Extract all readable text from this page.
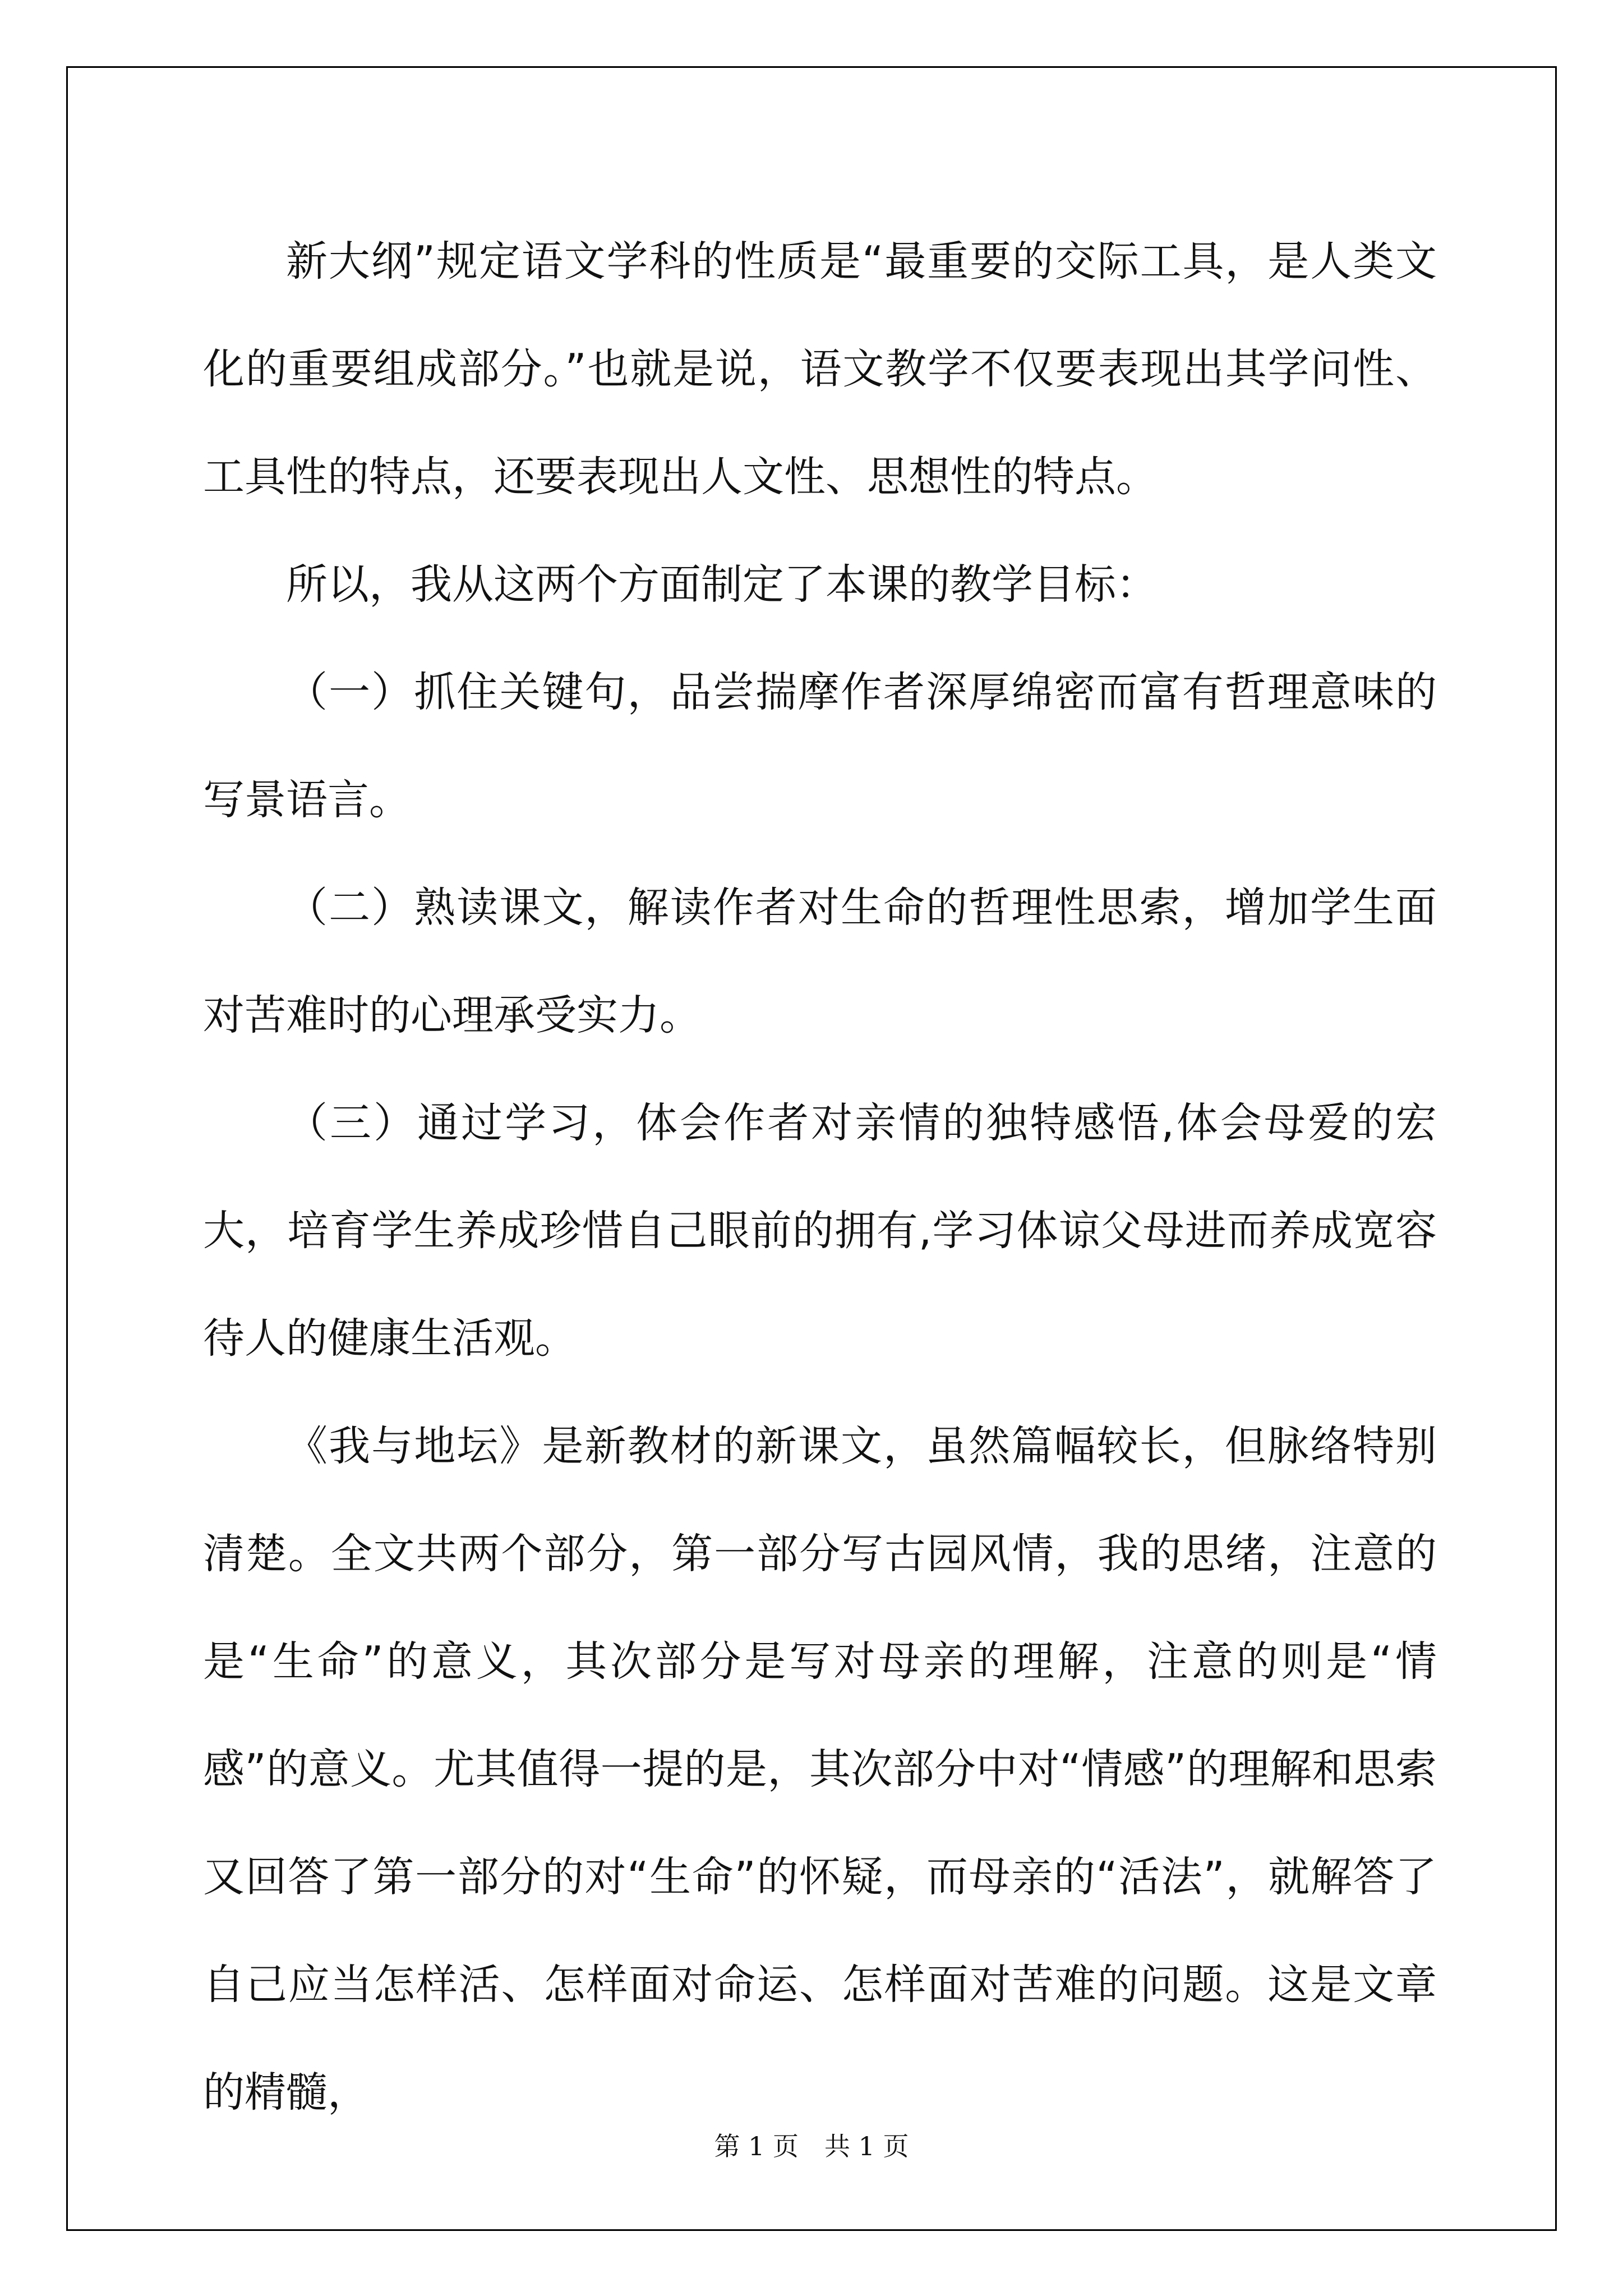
新大纲”规定语文学科的性质是“最重要的交际工具，是人类文化的重要组成部分。”也就是说，语文教学不仅要表现出其学问性、工具性的特点，还要表现出人文性、思想性的特点。

所以，我从这两个方面制定了本课的教学目标：

（一）抓住关键句，品尝揣摩作者深厚绵密而富有哲理意味的写景语言。

（二）熟读课文，解读作者对生命的哲理性思索，增加学生面对苦难时的心理承受实力。

（三）通过学习，体会作者对亲情的独特感悟,体会母爱的宏大，培育学生养成珍惜自己眼前的拥有,学习体谅父母进而养成宽容待人的健康生活观。

《我与地坛》是新教材的新课文，虽然篇幅较长，但脉络特别清楚。全文共两个部分，第一部分写古园风情，我的思绪，注意的是“生命”的意义，其次部分是写对母亲的理解，注意的则是“情感”的意义。尤其值得一提的是，其次部分中对“情感”的理解和思索又回答了第一部分的对“生命”的怀疑，而母亲的“活法”，就解答了自己应当怎样活、怎样面对命运、怎样面对苦难的问题。这是文章的精髓，

第 1 页　共 1 页
